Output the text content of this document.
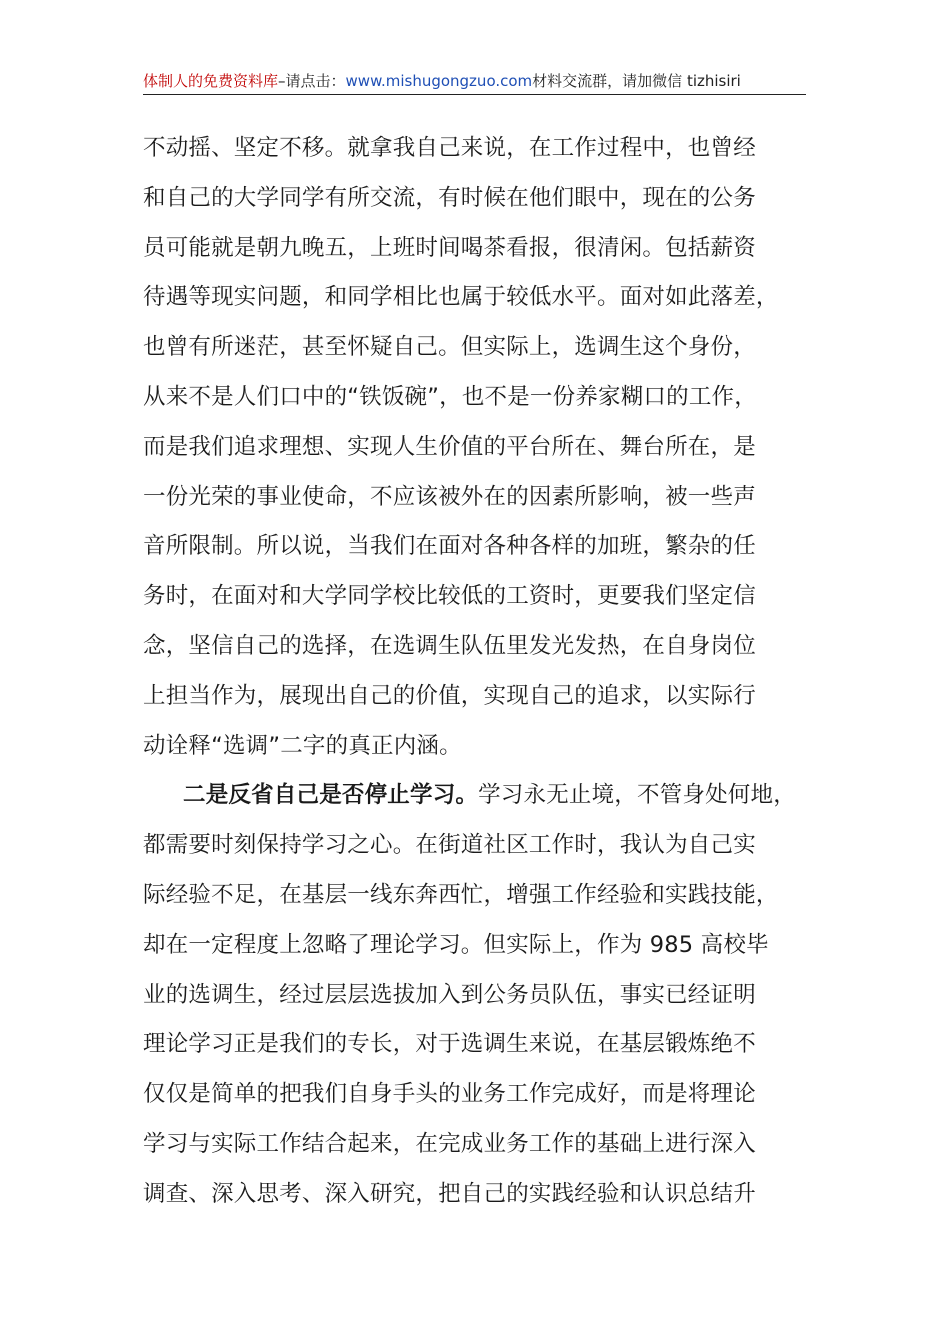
体制人的免费资料库–请点击：www.mishugongzuo.com材料交流群，请加微信 tizhisiri
不动摇、坚定不移。就拿我自己来说，在工作过程中，也曾经
和自己的大学同学有所交流，有时候在他们眼中，现在的公务
员可能就是朝九晚五，上班时间喝茶看报，很清闲。包括薪资
待遇等现实问题，和同学相比也属于较低水平。面对如此落差，
也曾有所迷茫，甚至怀疑自己。但实际上，选调生这个身份，
从来不是人们口中的“铁饭碗”，也不是一份养家糊口的工作，
而是我们追求理想、实现人生价值的平台所在、舞台所在，是
一份光荣的事业使命，不应该被外在的因素所影响，被一些声
音所限制。所以说，当我们在面对各种各样的加班，繁杂的任
务时，在面对和大学同学校比较低的工资时，更要我们坚定信
念，坚信自己的选择，在选调生队伍里发光发热，在自身岗位
上担当作为，展现出自己的价值，实现自己的追求，以实际行
动诠释“选调”二字的真正内涵。
二是反省自己是否停止学习。学习永无止境，不管身处何地，
都需要时刻保持学习之心。在街道社区工作时，我认为自己实
际经验不足，在基层一线东奔西忙，增强工作经验和实践技能，
却在一定程度上忽略了理论学习。但实际上，作为 985 高校毕
业的选调生，经过层层选拔加入到公务员队伍，事实已经证明
理论学习正是我们的专长，对于选调生来说，在基层锻炼绝不
仅仅是简单的把我们自身手头的业务工作完成好，而是将理论
学习与实际工作结合起来，在完成业务工作的基础上进行深入
调查、深入思考、深入研究，把自己的实践经验和认识总结升
